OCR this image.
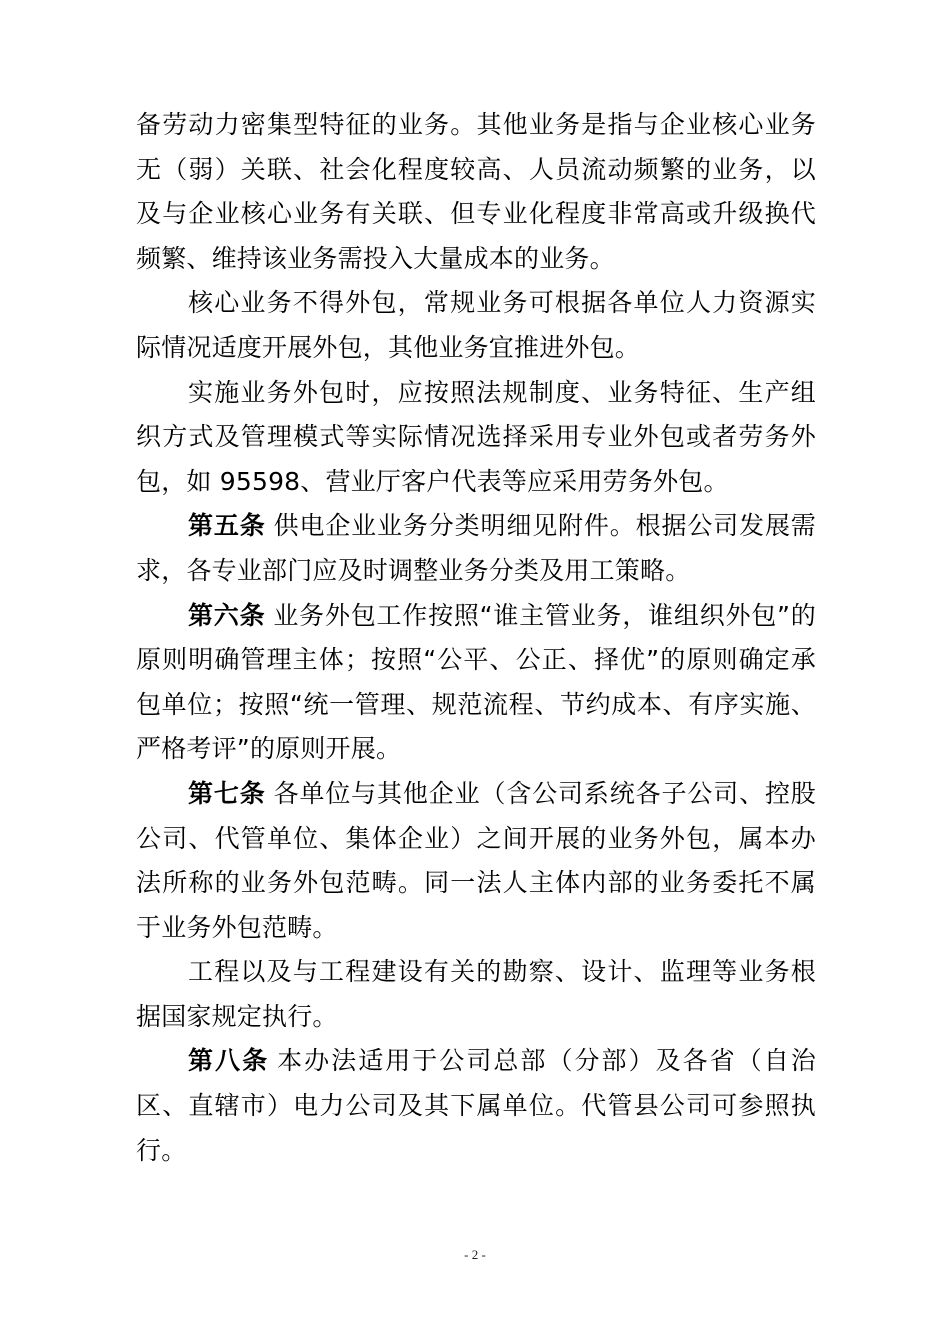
备劳动力密集型特征的业务。其他业务是指与企业核心业务无（弱）关联、社会化程度较高、人员流动频繁的业务，以及与企业核心业务有关联、但专业化程度非常高或升级换代频繁、维持该业务需投入大量成本的业务。

核心业务不得外包，常规业务可根据各单位人力资源实际情况适度开展外包，其他业务宜推进外包。

实施业务外包时，应按照法规制度、业务特征、生产组织方式及管理模式等实际情况选择采用专业外包或者劳务外包，如 95598、营业厅客户代表等应采用劳务外包。

第五条 供电企业业务分类明细见附件。根据公司发展需求，各专业部门应及时调整业务分类及用工策略。

第六条 业务外包工作按照“谁主管业务，谁组织外包”的原则明确管理主体；按照“公平、公正、择优”的原则确定承包单位；按照“统一管理、规范流程、节约成本、有序实施、严格考评”的原则开展。

第七条 各单位与其他企业（含公司系统各子公司、控股公司、代管单位、集体企业）之间开展的业务外包，属本办法所称的业务外包范畴。同一法人主体内部的业务委托不属于业务外包范畴。

工程以及与工程建设有关的勘察、设计、监理等业务根据国家规定执行。

第八条 本办法适用于公司总部（分部）及各省（自治区、直辖市）电力公司及其下属单位。代管县公司可参照执行。

- 2 -
